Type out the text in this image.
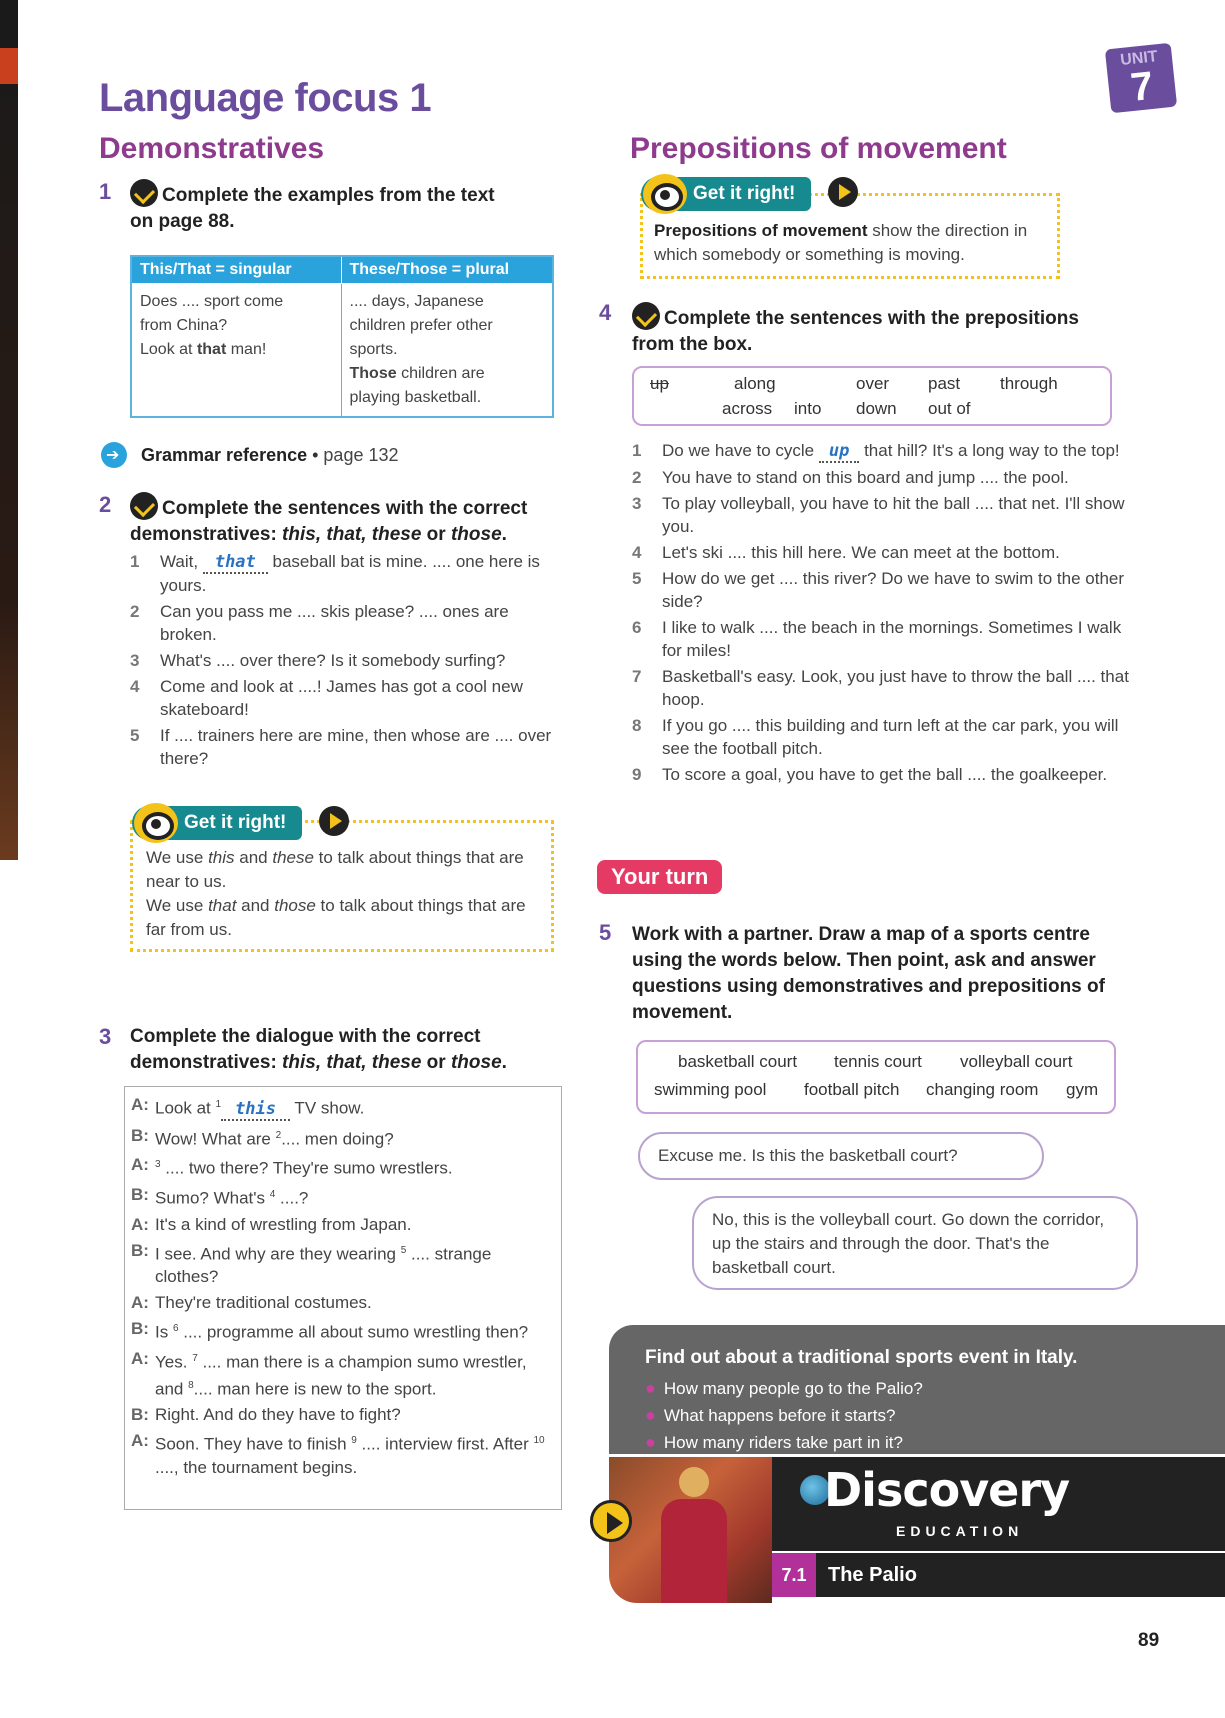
UNIT
7
Language focus 1
Demonstratives
1	Complete the examples from the text
on page 88.
This/That = singular	These/Those = plural
Does .... sport come
from China?
Look at that man!	.... days, Japanese
children prefer other
sports.
Those children are
playing basketball.
➔Grammar reference • page 132
2	Complete the sentences with the correct
demonstratives: this, that, these or those.
1 Wait, that baseball bat is mine. .... one here is yours.
2 Can you pass me .... skis please? .... ones are broken.
3 What's .... over there? Is it somebody surfing?
4 Come and look at ....! James has got a cool new skateboard!
5 If .... trainers here are mine, then whose are .... over there?
Get it right!

We use this and these to talk about things that are near to us.
We use that and those to talk about things that are far from us.
3 Complete the dialogue with the correct
demonstratives: this, that, these or those.

A: Look at $^1$ this TV show.

B: Wow! What are $^2$.... men doing?

A: $^3$ .... two there? They're sumo wrestlers.

B: Sumo? What's $^4$ ....?

A: It's a kind of wrestling from Japan.

B: I see. And why are they wearing $^5$ .... strange clothes?

A: They're traditional costumes.

B: Is $^6$ .... programme all about sumo wrestling then?

A: Yes. $^7$ .... man there is a champion sumo wrestler, and $^8$.... man here is new to the sport.

B: Right. And do they have to fight?

A: Soon. They have to finish $^9$ .... interview first. After $^{10}$ ...., the tournament begins.

Prepositions of movement
Get it right!

Prepositions of movement show the direction in which somebody or something is moving.
4	Complete the sentences with the prepositions
from the box.
up	along	over past through
across into down out of
1 Do we have to cycle up that hill? It's a long way to the top!
2 You have to stand on this board and jump .... the pool.
3 To play volleyball, you have to hit the ball .... that net. I'll show you.
4 Let's ski .... this hill here. We can meet at the bottom.
5 How do we get .... this river? Do we have to swim to the other side?
6 I like to walk .... the beach in the mornings. Sometimes I walk for miles!
7 Basketball's easy. Look, you just have to throw the ball .... that hoop.
8 If you go .... this building and turn left at the car park, you will see the football pitch.
9 To score a goal, you have to get the ball .... the goalkeeper.
Your turn
5 Work with a partner. Draw a map of a sports centre using the words below. Then point, ask and answer questions using demonstratives and prepositions of movement.
basketball court tennis court volleyball court
swimming pool football pitch changing room gym
Excuse me. Is this the basketball court?
No, this is the volleyball court. Go down the corridor, up the stairs and through the door. That's the basketball court.
Find out about a traditional sports event in Italy.
● How many people go to the Palio?
● What happens before it starts?
● How many riders take part in it?
Discovery
EDUCATION
7.1	The Palio
89
